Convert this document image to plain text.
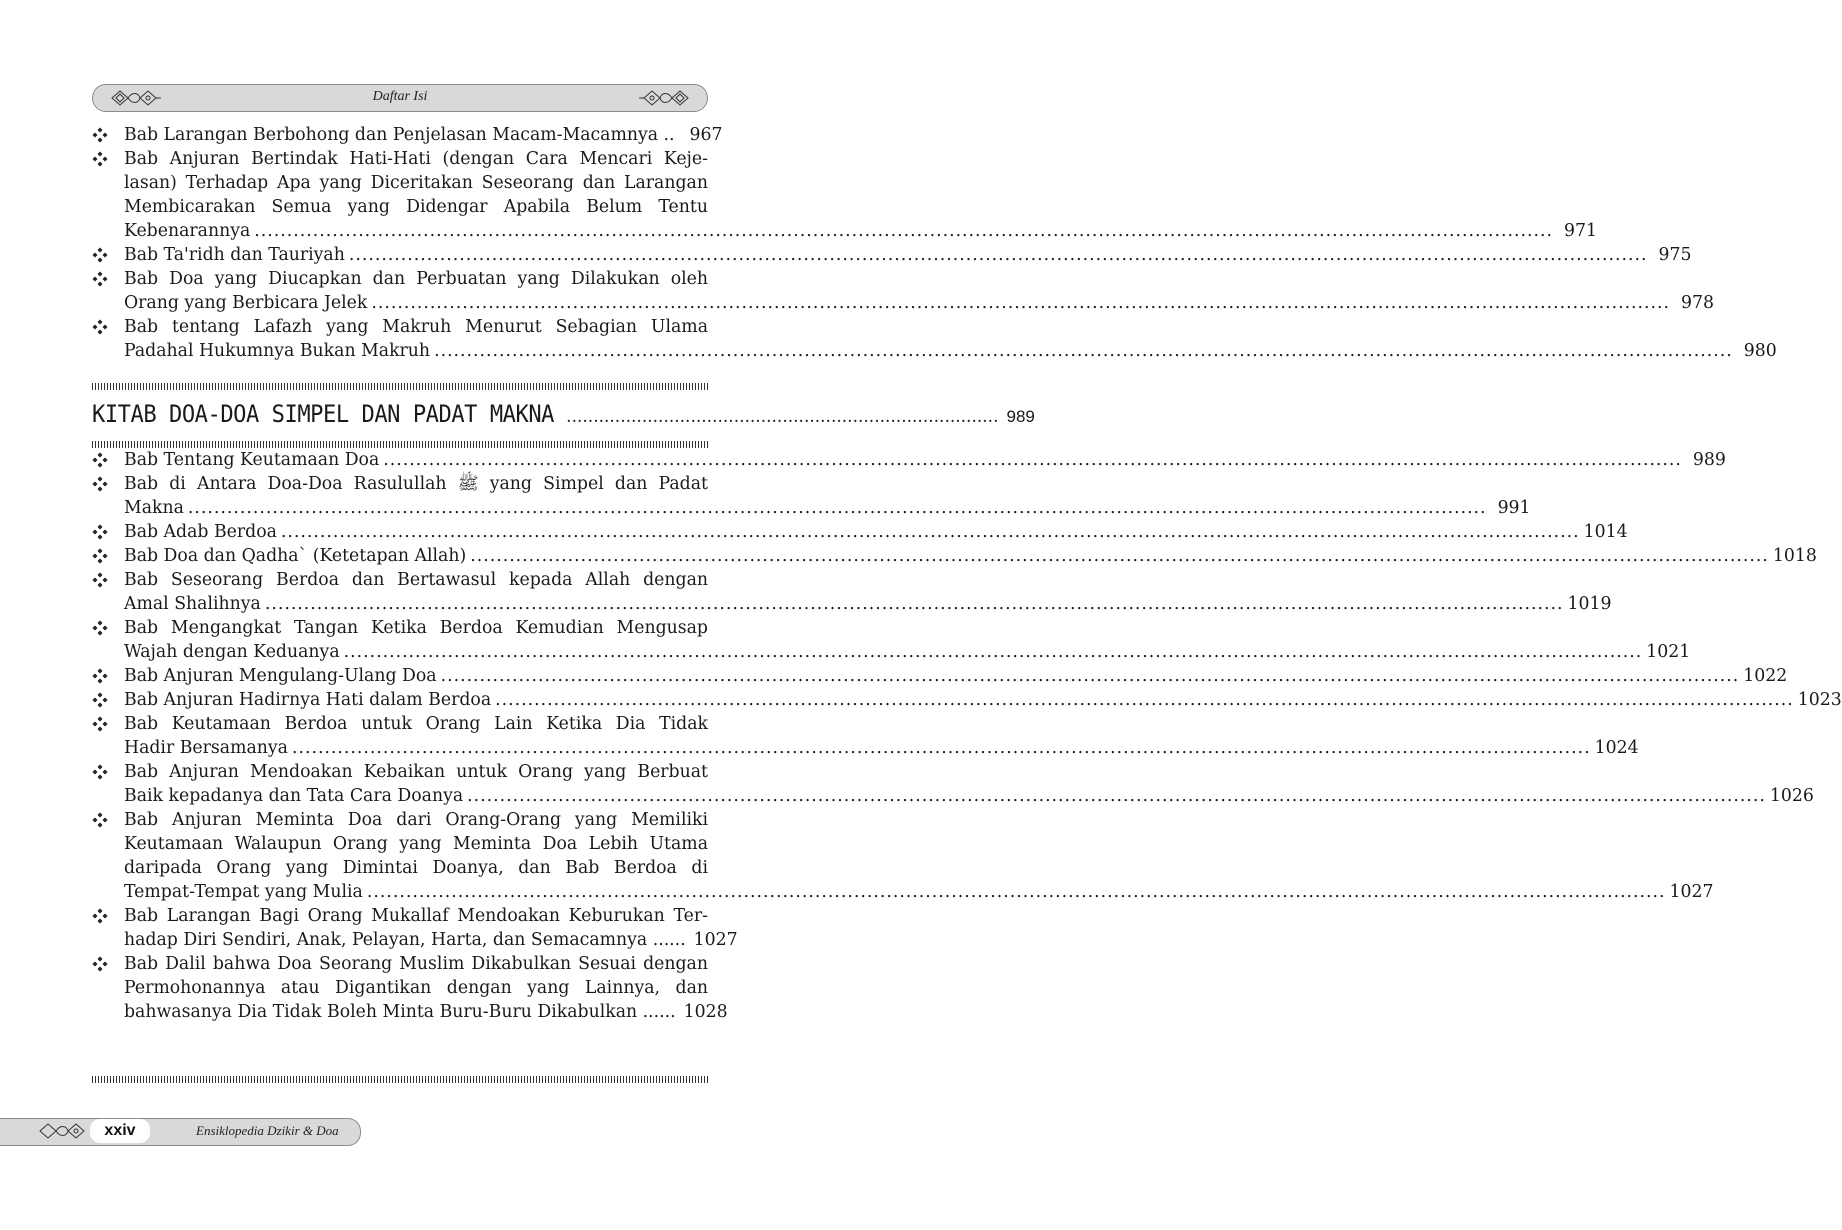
Daftar Isi
Bab Larangan Berbohong dan Penjelasan Macam-Macamnya .. 967
Bab Anjuran Bertindak Hati-Hati (dengan Cara Mencari Keje-
lasan) Terhadap Apa yang Diceritakan Seseorang dan Larangan
Membicarakan Semua yang Didengar Apabila Belum Tentu
Kebenarannya .....	971
Bab Ta'ridh dan Tauriyah .....	975
Bab Doa yang Diucapkan dan Perbuatan yang Dilakukan oleh
Orang yang Berbicara Jelek .....	978
Bab tentang Lafazh yang Makruh Menurut Sebagian Ulama
Padahal Hukumnya Bukan Makruh .....	980
KITAB DOA-DOA SIMPEL DAN PADAT MAKNA .....	989
Bab Tentang Keutamaan Doa .....	989
Bab di Antara Doa-Doa Rasulullah ﷺ yang Simpel dan Padat
Makna .....	991
Bab Adab Berdoa .....	1014
Bab Doa dan Qadha` (Ketetapan Allah) .....	1018
Bab Seseorang Berdoa dan Bertawasul kepada Allah dengan
Amal Shalihnya .....	1019
Bab Mengangkat Tangan Ketika Berdoa Kemudian Mengusap
Wajah dengan Keduanya .....	1021
Bab Anjuran Mengulang-Ulang Doa .....	1022
Bab Anjuran Hadirnya Hati dalam Berdoa .....	1023
Bab Keutamaan Berdoa untuk Orang Lain Ketika Dia Tidak
Hadir Bersamanya .....	1024
Bab Anjuran Mendoakan Kebaikan untuk Orang yang Berbuat
Baik kepadanya dan Tata Cara Doanya .....	1026
Bab Anjuran Meminta Doa dari Orang-Orang yang Memiliki
Keutamaan Walaupun Orang yang Meminta Doa Lebih Utama
daripada Orang yang Dimintai Doanya, dan Bab Berdoa di
Tempat-Tempat yang Mulia .....	1027
Bab Larangan Bagi Orang Mukallaf Mendoakan Keburukan Ter-
hadap Diri Sendiri, Anak, Pelayan, Harta, dan Semacamnya ...... 1027
Bab Dalil bahwa Doa Seorang Muslim Dikabulkan Sesuai dengan
Permohonannya atau Digantikan dengan yang Lainnya, dan
bahwasanya Dia Tidak Boleh Minta Buru-Buru Dikabulkan ...... 1028
xxiv	Ensiklopedia Dzikir & Doa
